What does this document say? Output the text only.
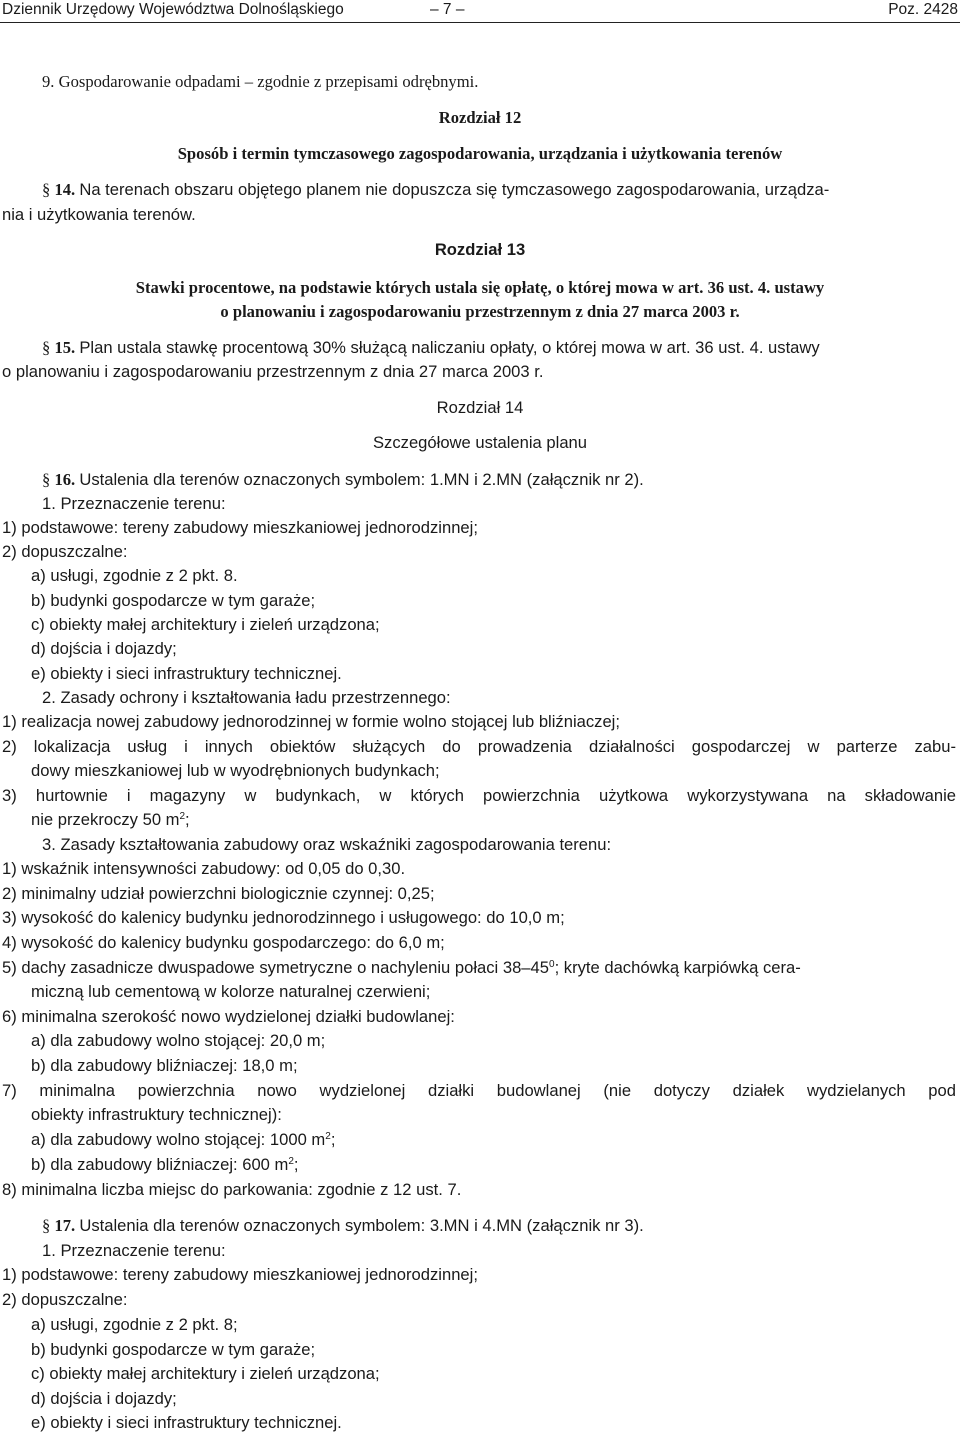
Dziennik Urzędowy Województwa Dolnośląskiego	– 7 –	Poz. 2428
9. Gospodarowanie odpadami – zgodnie z przepisami odrębnymi.
Rozdział 12
Sposób i termin tymczasowego zagospodarowania, urządzania i użytkowania terenów
§ 14. Na terenach obszaru objętego planem nie dopuszcza się tymczasowego zagospodarowania, urządza-
nia i użytkowania terenów.
Rozdział 13
Stawki procentowe, na podstawie których ustala się opłatę, o której mowa w art. 36 ust. 4. ustawy
o planowaniu i zagospodarowaniu przestrzennym z dnia 27 marca 2003 r.
§ 15. Plan ustala stawkę procentową 30% służącą naliczaniu opłaty, o której mowa w art. 36 ust. 4. ustawy
o planowaniu i zagospodarowaniu przestrzennym z dnia 27 marca 2003 r.
Rozdział 14
Szczegółowe ustalenia planu
§ 16. Ustalenia dla terenów oznaczonych symbolem: 1.MN i 2.MN (załącznik nr 2).
1. Przeznaczenie terenu:
1) podstawowe: tereny zabudowy mieszkaniowej jednorodzinnej;
2) dopuszczalne:
a) usługi, zgodnie z 2 pkt. 8.
b) budynki gospodarcze w tym garaże;
c) obiekty małej architektury i zieleń urządzona;
d) dojścia i dojazdy;
e) obiekty i sieci infrastruktury technicznej.
2. Zasady ochrony i kształtowania ładu przestrzennego:
1) realizacja nowej zabudowy jednorodzinnej w formie wolno stojącej lub bliźniaczej;
2) lokalizacja usług i innych obiektów służących do prowadzenia działalności gospodarczej w parterze zabu-
dowy mieszkaniowej lub w wyodrębnionych budynkach;
3) hurtownie i magazyny w budynkach, w których powierzchnia użytkowa wykorzystywana na składowanie
nie przekroczy 50 $m^2$;
3. Zasady kształtowania zabudowy oraz wskaźniki zagospodarowania terenu:
1) wskaźnik intensywności zabudowy: od 0,05 do 0,30.
2) minimalny udział powierzchni biologicznie czynnej: 0,25;
3) wysokość do kalenicy budynku jednorodzinnego i usługowego: do 10,0 m;
4) wysokość do kalenicy budynku gospodarczego: do 6,0 m;
5) dachy zasadnicze dwuspadowe symetryczne o nachyleniu połaci $38-45^0$; kryte dachówką karpiówką cera-
miczną lub cementową w kolorze naturalnej czerwieni;
6) minimalna szerokość nowo wydzielonej działki budowlanej:
a) dla zabudowy wolno stojącej: 20,0 m;
b) dla zabudowy bliźniaczej: 18,0 m;
7) minimalna powierzchnia nowo wydzielonej działki budowlanej (nie dotyczy działek wydzielanych pod
obiekty infrastruktury technicznej):
a) dla zabudowy wolno stojącej: 1000 $m^2$;
b) dla zabudowy bliźniaczej: 600 $m^2$;
8) minimalna liczba miejsc do parkowania: zgodnie z 12 ust. 7.
§ 17. Ustalenia dla terenów oznaczonych symbolem: 3.MN i 4.MN (załącznik nr 3).
1. Przeznaczenie terenu:
1) podstawowe: tereny zabudowy mieszkaniowej jednorodzinnej;
2) dopuszczalne:
a) usługi, zgodnie z 2 pkt. 8;
b) budynki gospodarcze w tym garaże;
c) obiekty małej architektury i zieleń urządzona;
d) dojścia i dojazdy;
e) obiekty i sieci infrastruktury technicznej.
